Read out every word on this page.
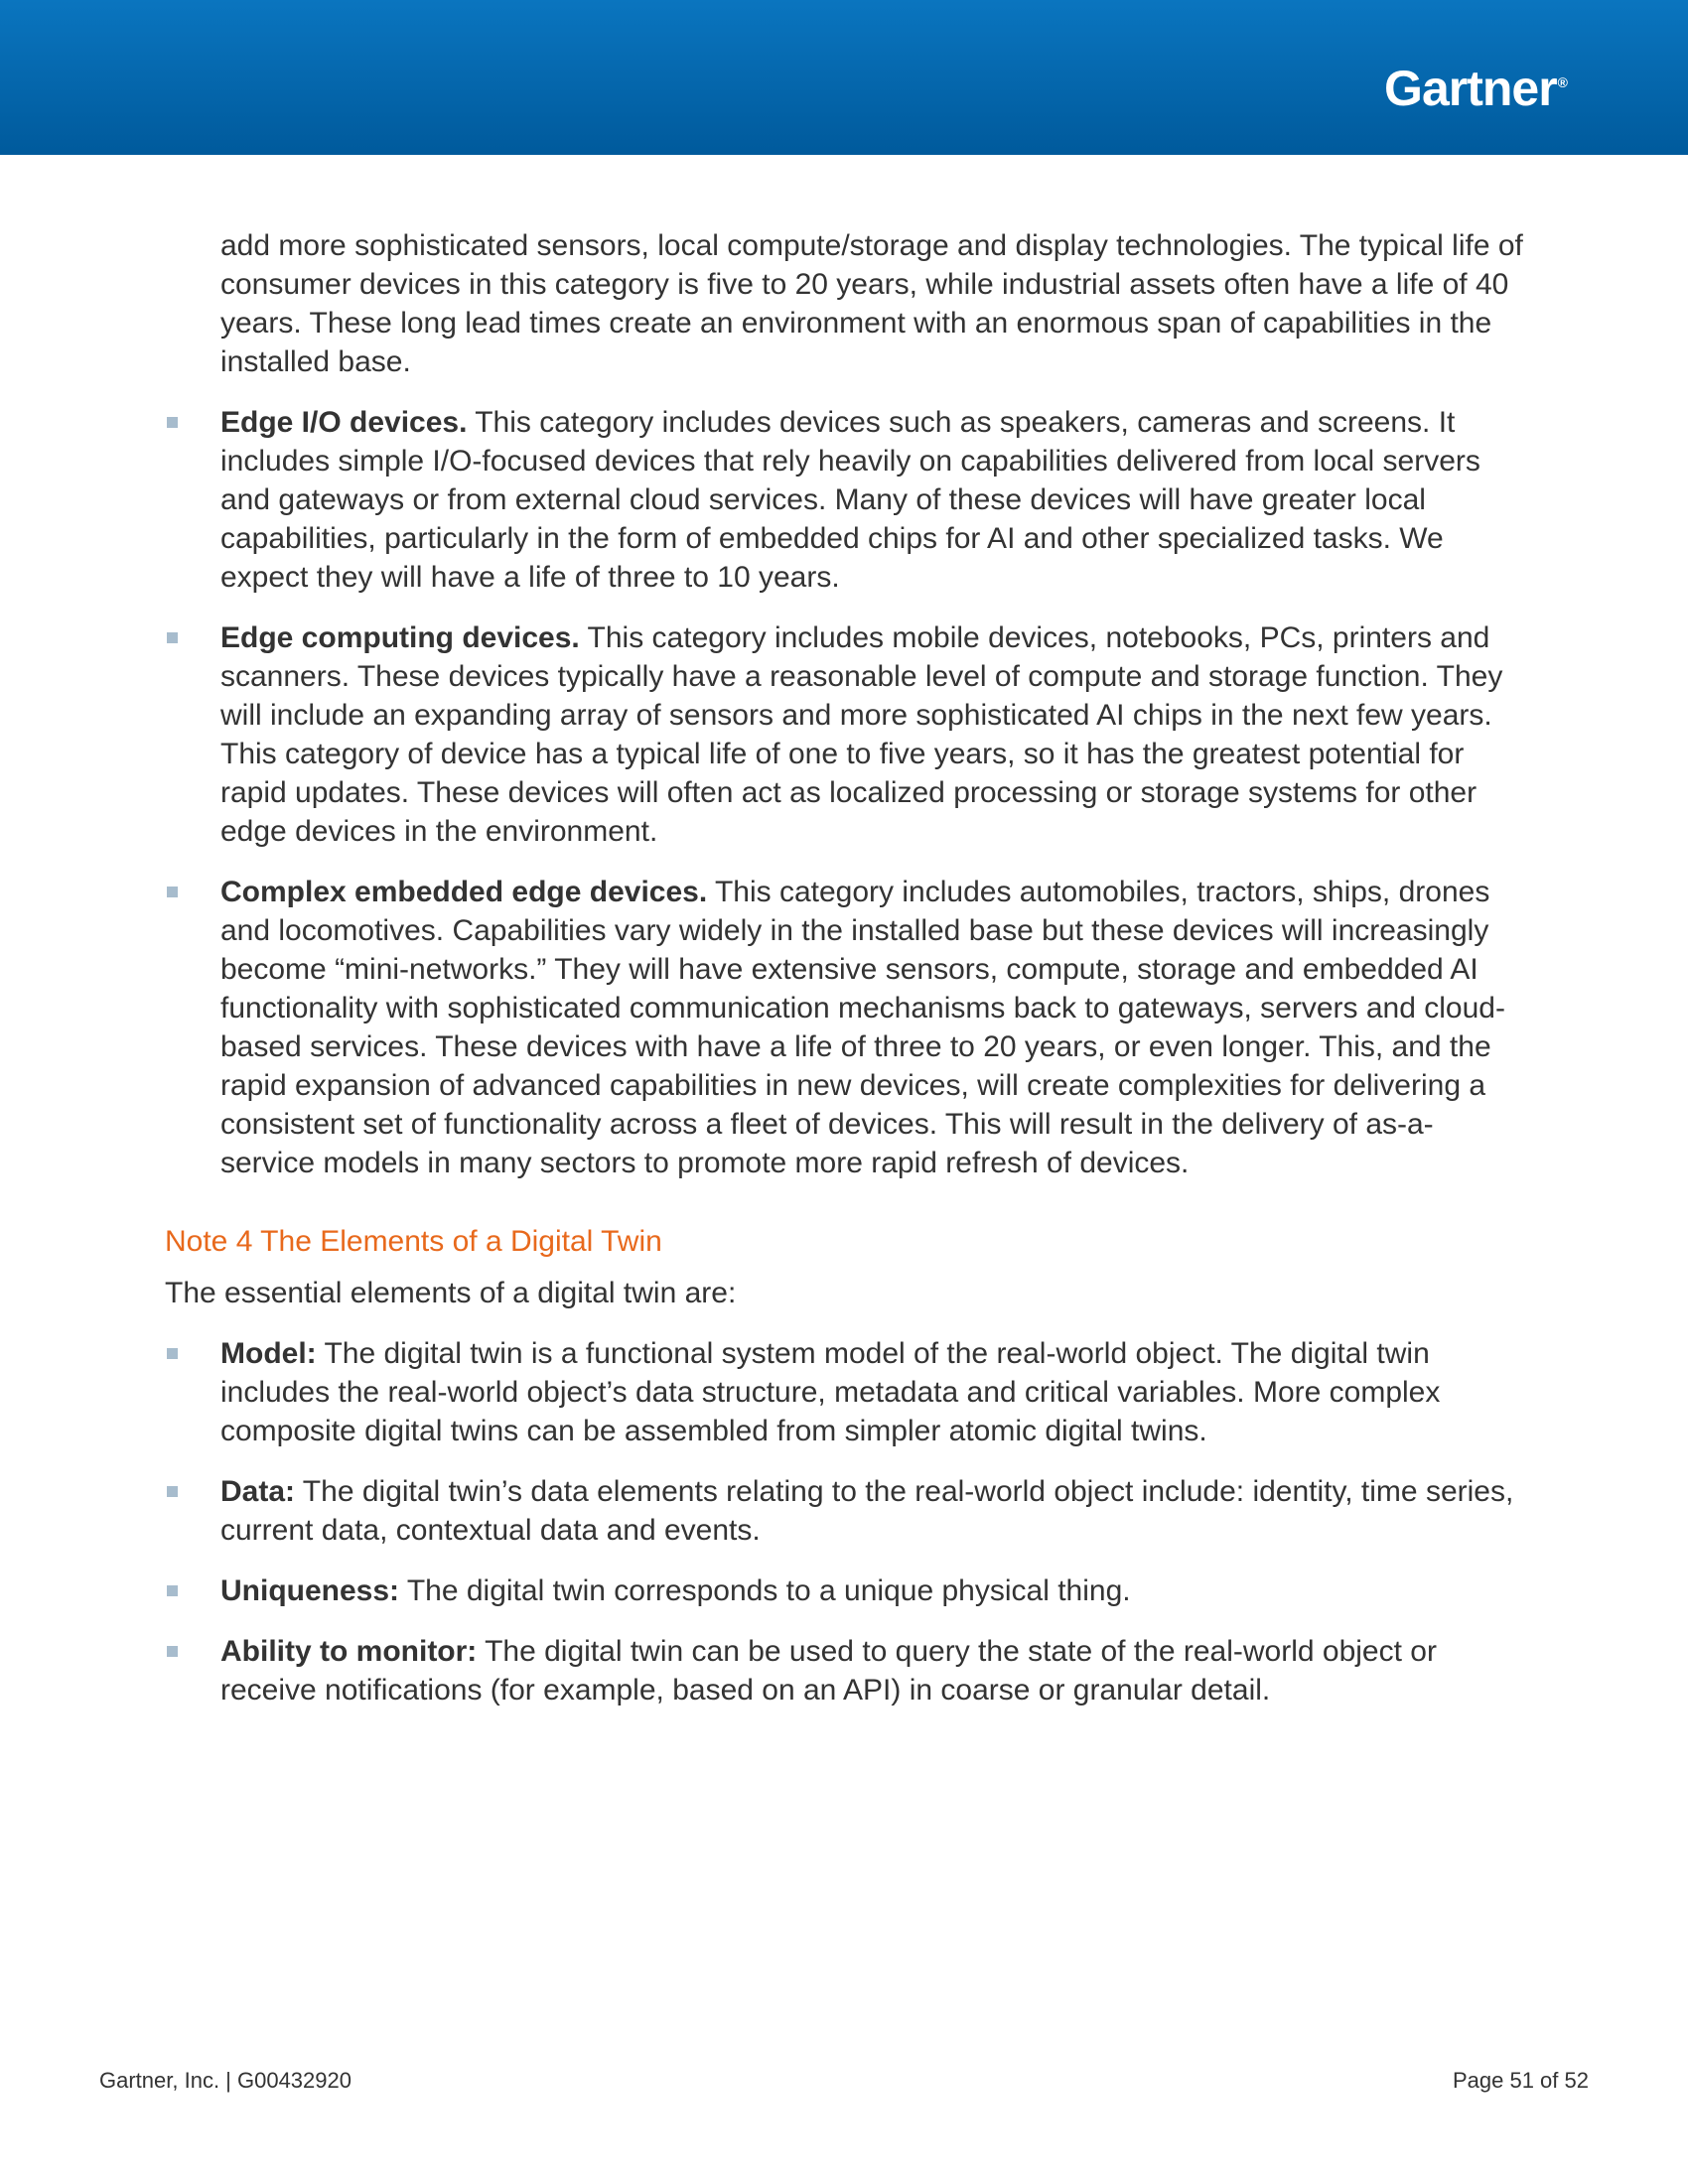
Gartner®

add more sophisticated sensors, local compute/storage and display technologies. The typical life of consumer devices in this category is five to 20 years, while industrial assets often have a life of 40 years. These long lead times create an environment with an enormous span of capabilities in the installed base.

Edge I/O devices. This category includes devices such as speakers, cameras and screens. It includes simple I/O-focused devices that rely heavily on capabilities delivered from local servers and gateways or from external cloud services. Many of these devices will have greater local capabilities, particularly in the form of embedded chips for AI and other specialized tasks. We expect they will have a life of three to 10 years.
Edge computing devices. This category includes mobile devices, notebooks, PCs, printers and scanners. These devices typically have a reasonable level of compute and storage function. They will include an expanding array of sensors and more sophisticated AI chips in the next few years. This category of device has a typical life of one to five years, so it has the greatest potential for rapid updates. These devices will often act as localized processing or storage systems for other edge devices in the environment.
Complex embedded edge devices. This category includes automobiles, tractors, ships, drones and locomotives. Capabilities vary widely in the installed base but these devices will increasingly become “mini-networks.” They will have extensive sensors, compute, storage and embedded AI functionality with sophisticated communication mechanisms back to gateways, servers and cloud-based services. These devices with have a life of three to 20 years, or even longer. This, and the rapid expansion of advanced capabilities in new devices, will create complexities for delivering a consistent set of functionality across a fleet of devices. This will result in the delivery of as-a-service models in many sectors to promote more rapid refresh of devices.
Note 4 The Elements of a Digital Twin

The essential elements of a digital twin are:

Model: The digital twin is a functional system model of the real-world object. The digital twin includes the real-world object’s data structure, metadata and critical variables. More complex composite digital twins can be assembled from simpler atomic digital twins.
Data: The digital twin’s data elements relating to the real-world object include: identity, time series, current data, contextual data and events.
Uniqueness: The digital twin corresponds to a unique physical thing.
Ability to monitor: The digital twin can be used to query the state of the real-world object or receive notifications (for example, based on an API) in coarse or granular detail.
Gartner, Inc. | G00432920	Page 51 of 52
